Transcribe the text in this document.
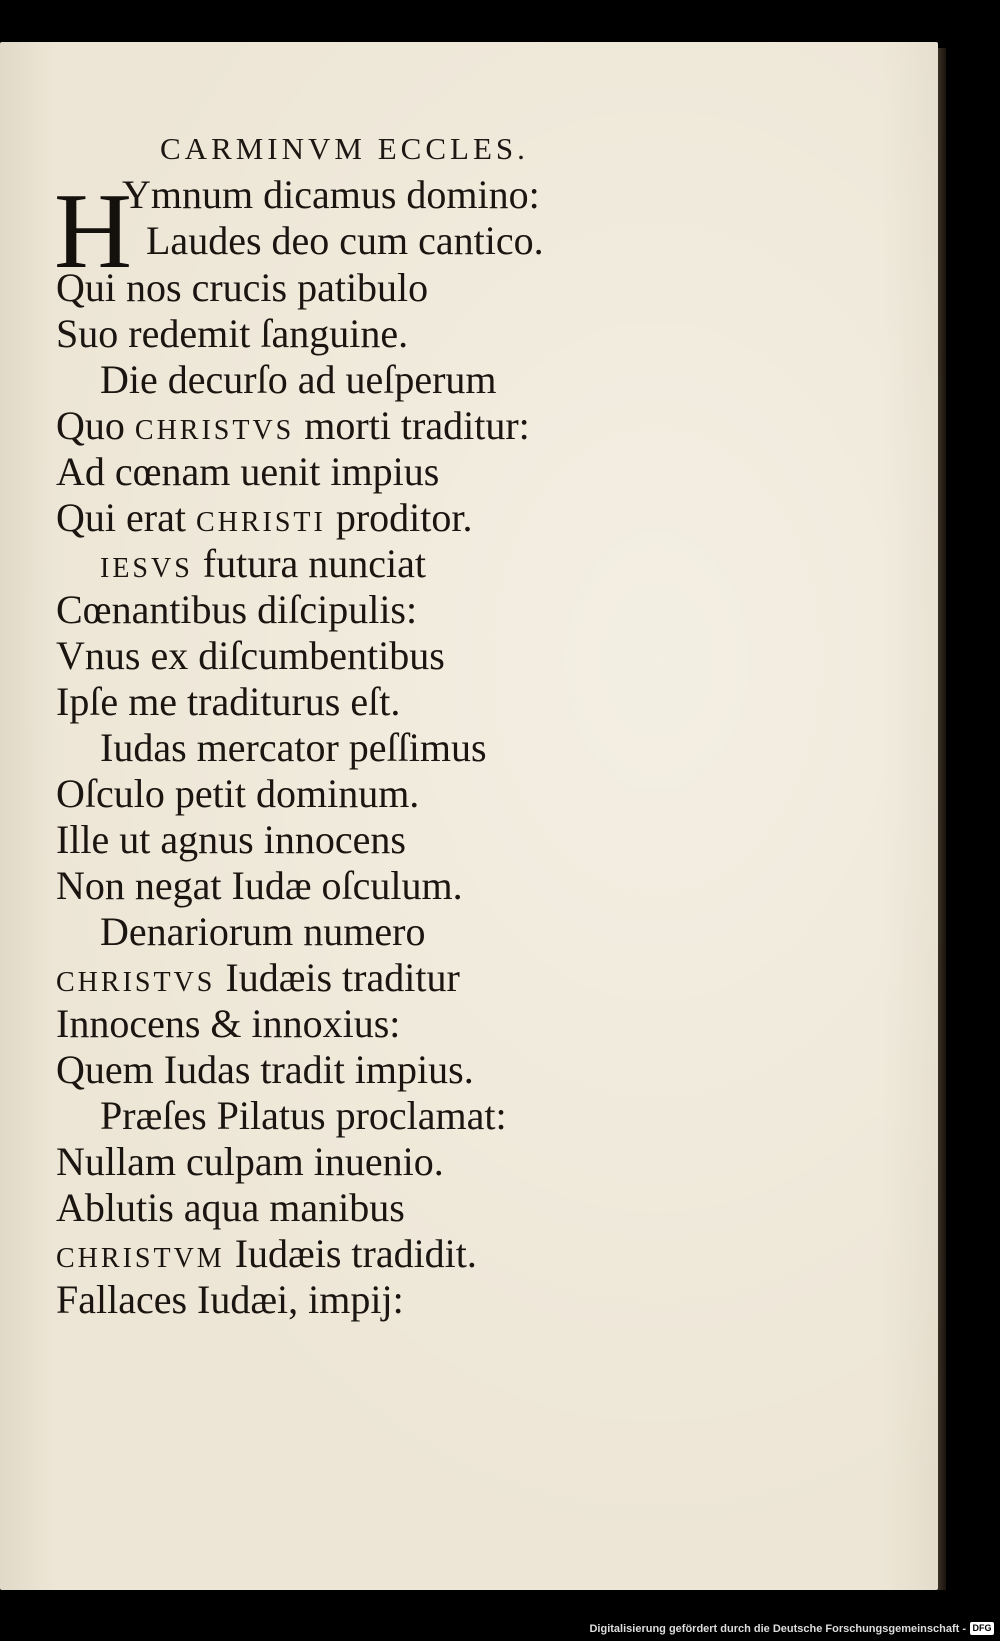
CARMINVM ECCLES.
H
Ymnum dicamus domino:
Laudes deo cum cantico.
Qui nos crucis patibulo
Suo redemit ſanguine.
Die decurſo ad ueſperum
Quo CHRISTVS morti traditur:
Ad cœnam uenit impius
Qui erat CHRISTI proditor.
IESVS futura nunciat
Cœnantibus diſcipulis:
Vnus ex diſcumbentibus
Ipſe me traditurus eſt.
Iudas mercator peſſimus
Oſculo petit dominum.
Ille ut agnus innocens
Non negat Iudæ oſculum.
Denariorum numero
CHRISTVS Iudæis traditur
Innocens & innoxius:
Quem Iudas tradit impius.
Præſes Pilatus proclamat:
Nullam culpam inuenio.
Ablutis aqua manibus
CHRISTVM Iudæis tradidit.
Fallaces Iudæi, impij:
Digitalisierung gefördert durch die Deutsche Forschungsgemeinschaft - DFG
